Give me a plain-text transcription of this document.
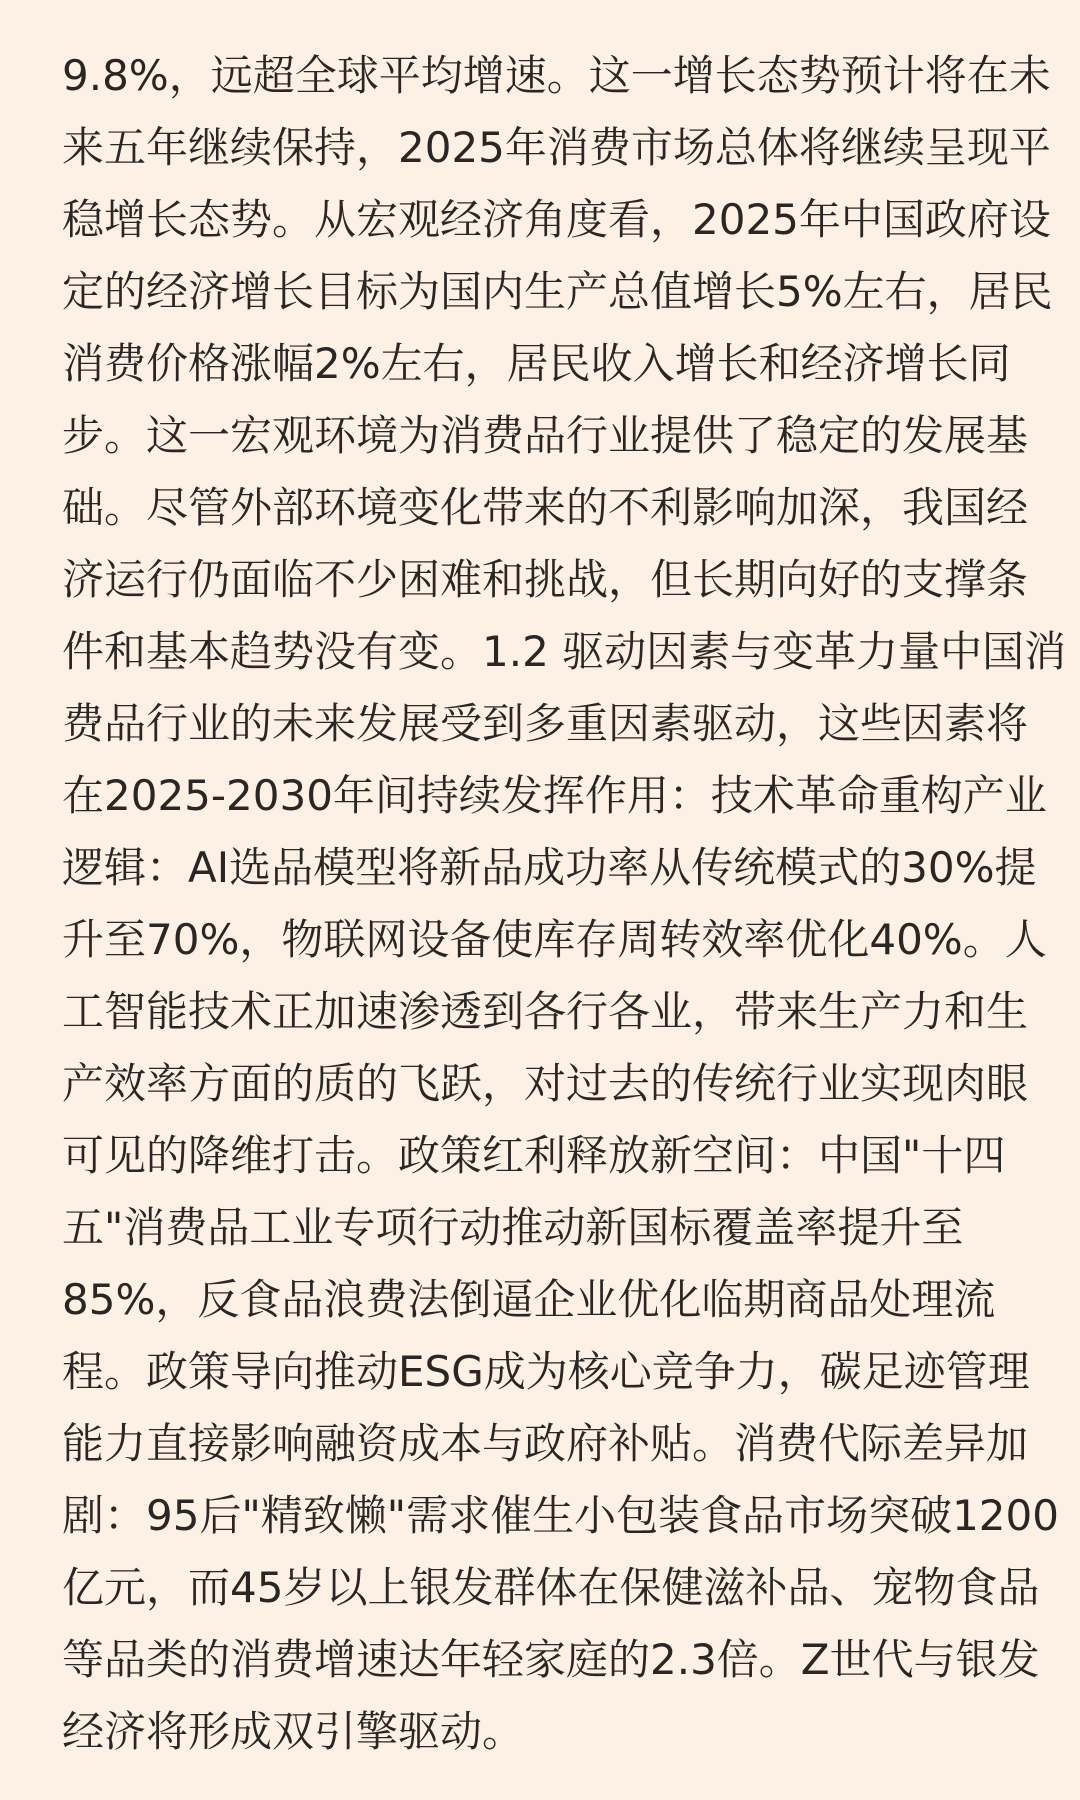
9.8%，远超全球平均增速。这一增长态势预计将在未
来五年继续保持，2025年消费市场总体将继续呈现平
稳增长态势。从宏观经济角度看，2025年中国政府设
定的经济增长目标为国内生产总值增长5%左右，居民
消费价格涨幅2%左右，居民收入增长和经济增长同
步。这一宏观环境为消费品行业提供了稳定的发展基
础。尽管外部环境变化带来的不利影响加深，我国经
济运行仍面临不少困难和挑战，但长期向好的支撑条
件和基本趋势没有变。1.2 驱动因素与变革力量中国消
费品行业的未来发展受到多重因素驱动，这些因素将
在2025-2030年间持续发挥作用：技术革命重构产业
逻辑：AI选品模型将新品成功率从传统模式的30%提
升至70%，物联网设备使库存周转效率优化40%。人
工智能技术正加速渗透到各行各业，带来生产力和生
产效率方面的质的飞跃，对过去的传统行业实现肉眼
可见的降维打击。政策红利释放新空间：中国"十四
五"消费品工业专项行动推动新国标覆盖率提升至
85%，反食品浪费法倒逼企业优化临期商品处理流
程。政策导向推动ESG成为核心竞争力，碳足迹管理
能力直接影响融资成本与政府补贴。消费代际差异加
剧：95后"精致懒"需求催生小包装食品市场突破1200
亿元，而45岁以上银发群体在保健滋补品、宠物食品
等品类的消费增速达年轻家庭的2.3倍。Z世代与银发
经济将形成双引擎驱动。
